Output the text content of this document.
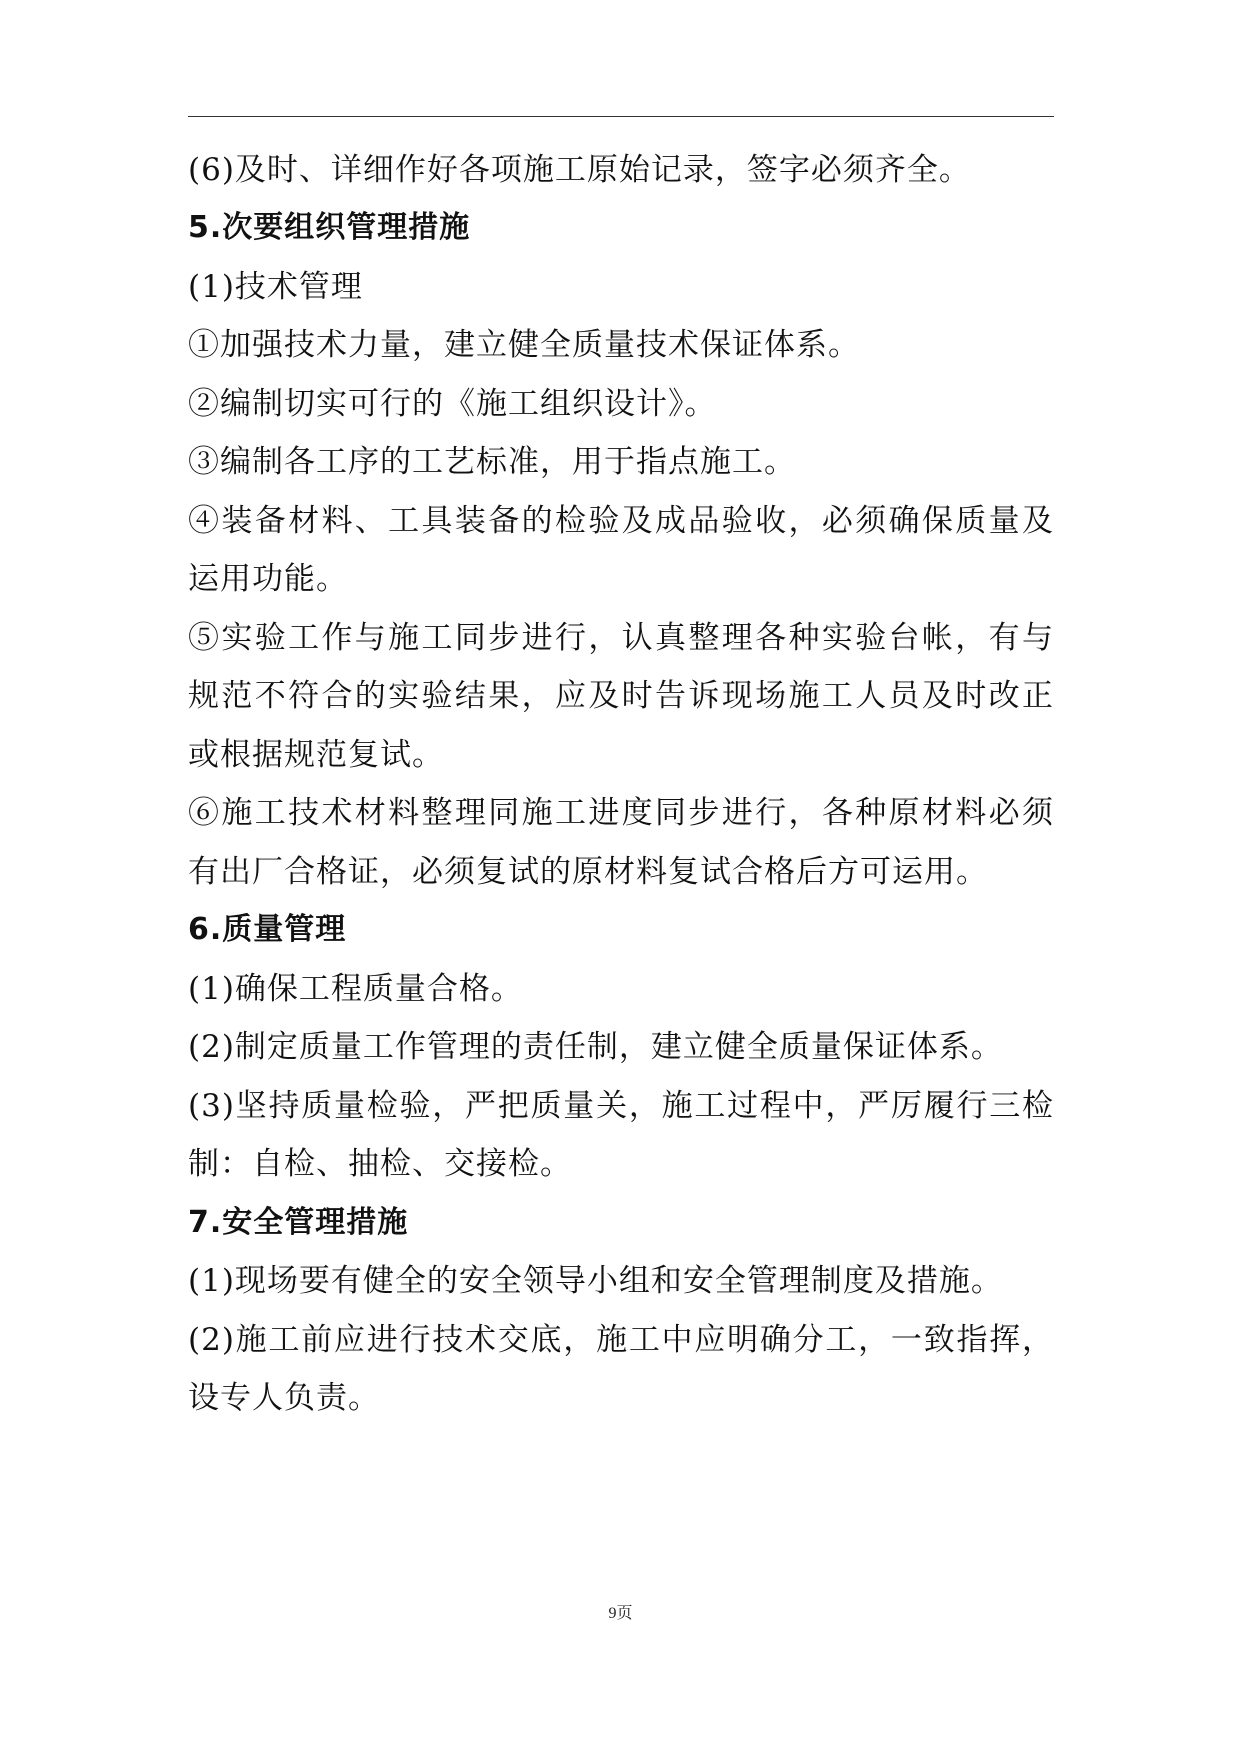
(6)及时、详细作好各项施工原始记录，签字必须齐全。
5.次要组织管理措施
(1)技术管理
①加强技术力量，建立健全质量技术保证体系。
②编制切实可行的《施工组织设计》。
③编制各工序的工艺标准，用于指点施工。
④装备材料、工具装备的检验及成品验收，必须确保质量及
运用功能。
⑤实验工作与施工同步进行，认真整理各种实验台帐，有与
规范不符合的实验结果，应及时告诉现场施工人员及时改正
或根据规范复试。
⑥施工技术材料整理同施工进度同步进行，各种原材料必须
有出厂合格证，必须复试的原材料复试合格后方可运用。
6.质量管理
(1)确保工程质量合格。
(2)制定质量工作管理的责任制，建立健全质量保证体系。
(3)坚持质量检验，严把质量关，施工过程中，严厉履行三检
制：自检、抽检、交接检。
7.安全管理措施
(1)现场要有健全的安全领导小组和安全管理制度及措施。
(2)施工前应进行技术交底，施工中应明确分工，一致指挥，
设专人负责。
9页
